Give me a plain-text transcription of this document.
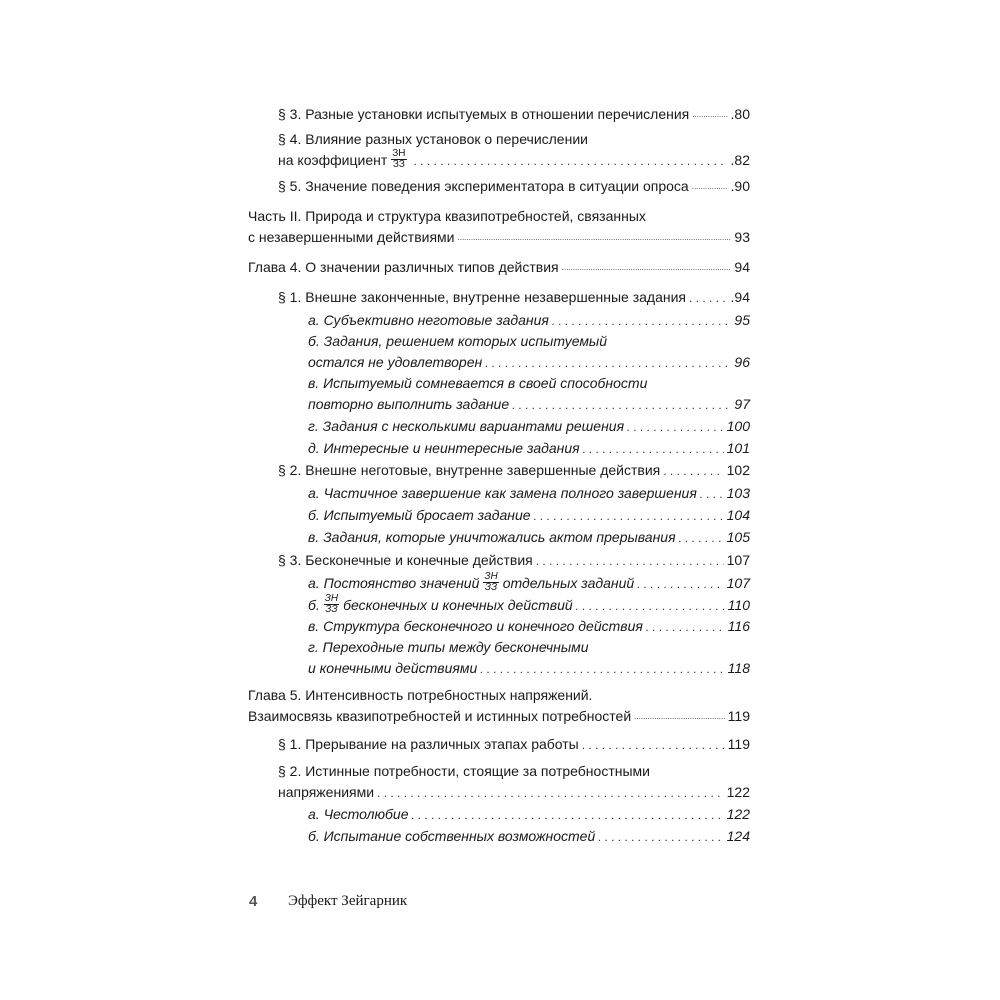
§ 3. Разные установки испытуемых в отношении перечисления .....	.80
§ 4. Влияние разных установок о перечислении
на коэффициент $\frac{ЗН}{ЗЗ}$ . . .	.82
§ 5. Значение поведения экспериментатора в ситуации опроса .....	.90
Часть II. Природа и структура квазипотребностей, связанных
с незавершенными действиями .....	93
Глава 4. О значении различных типов действия .....	94
§ 1. Внешне законченные, внутренне незавершенные задания . . .	.94
а. Субъективно неготовые задания . . .	95
б. Задания, решением которых испытуемый
остался не удовлетворен . . .	96
в. Испытуемый сомневается в своей способности
повторно выполнить задание . . .	97
г. Задания с несколькими вариантами решения . . .	100
д. Интересные и неинтересные задания . . .	101
§ 2. Внешне неготовые, внутренне завершенные действия . . .	102
а. Частичное завершение как замена полного завершения . . . 103
б. Испытуемый бросает задание . . .	104
в. Задания, которые уничтожались актом прерывания . . .	105
§ 3. Бесконечные и конечные действия . . .	107
а. Постоянство значений $\frac{ЗН}{ЗЗ}$ отдельных заданий . . .	107
б. $\frac{ЗН}{ЗЗ}$ бесконечных и конечных действий . . .	110
в. Структура бесконечного и конечного действия . . .	116
г. Переходные типы между бесконечными
и конечными действиями . . .	118
Глава 5. Интенсивность потребностных напряжений.
Взаимосвязь квазипотребностей и истинных потребностей .....	119
§ 1. Прерывание на различных этапах работы . . .	119
§ 2. Истинные потребности, стоящие за потребностными
напряжениями . . .	122
а. Честолюбие . . .	122
б. Испытание собственных возможностей . . .	124
4 Эффект Зейгарник
